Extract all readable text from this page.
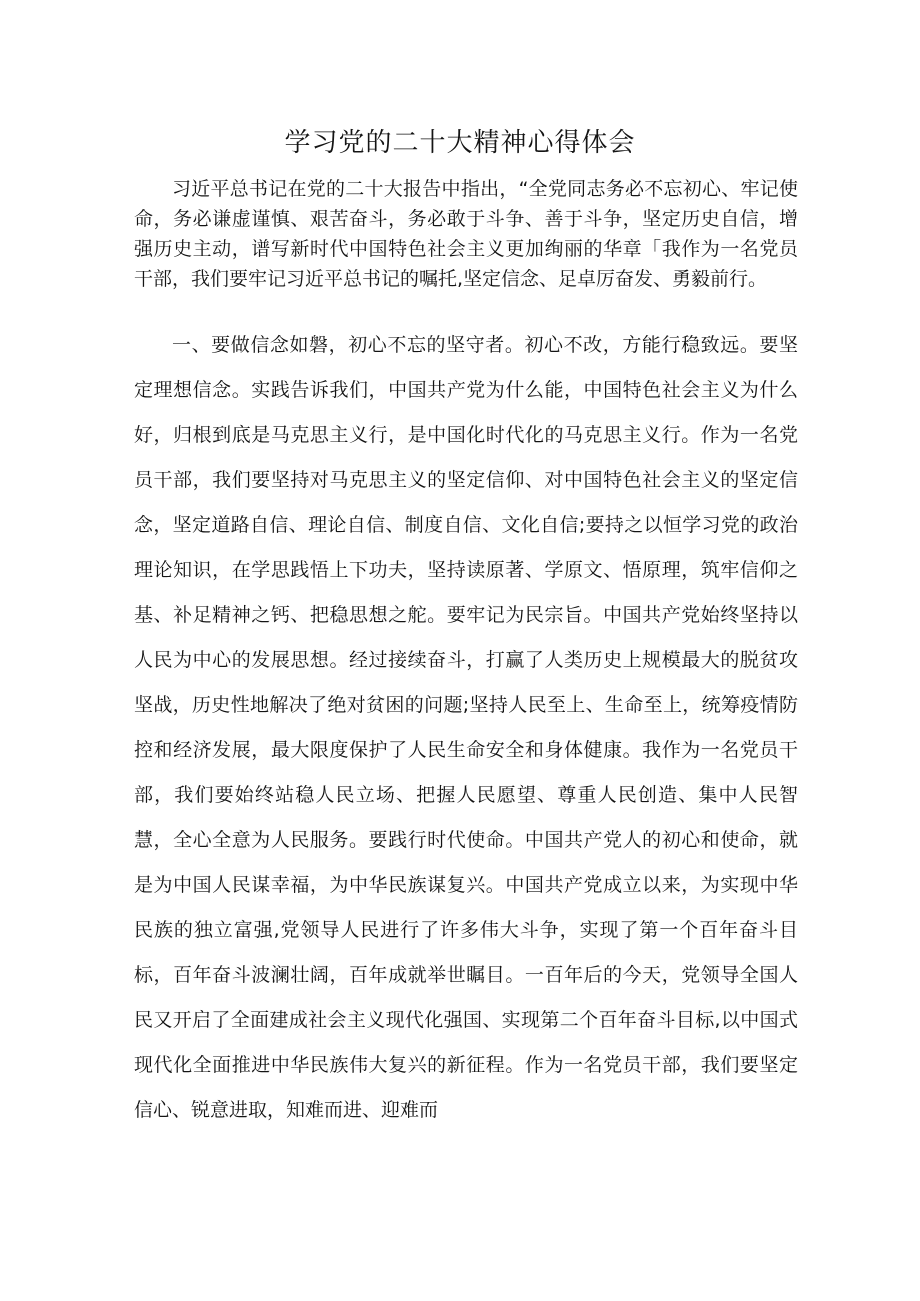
学习党的二十大精神心得体会

习近平总书记在党的二十大报告中指出，“全党同志务必不忘初心、牢记使命，务必谦虚谨慎、艰苦奋斗，务必敢于斗争、善于斗争，坚定历史自信，增强历史主动，谱写新时代中国特色社会主义更加绚丽的华章「我作为一名党员干部，我们要牢记习近平总书记的嘱托,坚定信念、足卓厉奋发、勇毅前行。

一、要做信念如磐，初心不忘的坚守者。初心不改，方能行稳致远。要坚定理想信念。实践告诉我们，中国共产党为什么能，中国特色社会主义为什么好，归根到底是马克思主义行，是中国化时代化的马克思主义行。作为一名党员干部，我们要坚持对马克思主义的坚定信仰、对中国特色社会主义的坚定信念，坚定道路自信、理论自信、制度自信、文化自信;要持之以恒学习党的政治理论知识，在学思践悟上下功夫，坚持读原著、学原文、悟原理，筑牢信仰之基、补足精神之钙、把稳思想之舵。要牢记为民宗旨。中国共产党始终坚持以人民为中心的发展思想。经过接续奋斗，打赢了人类历史上规模最大的脱贫攻坚战，历史性地解决了绝对贫困的问题;坚持人民至上、生命至上，统筹疫情防控和经济发展，最大限度保护了人民生命安全和身体健康。我作为一名党员干部，我们要始终站稳人民立场、把握人民愿望、尊重人民创造、集中人民智慧，全心全意为人民服务。要践行时代使命。中国共产党人的初心和使命，就是为中国人民谋幸福，为中华民族谋复兴。中国共产党成立以来，为实现中华民族的独立富强,党领导人民进行了许多伟大斗争，实现了第一个百年奋斗目标，百年奋斗波澜壮阔，百年成就举世瞩目。一百年后的今天，党领导全国人民又开启了全面建成社会主义现代化强国、实现第二个百年奋斗目标,以中国式现代化全面推进中华民族伟大复兴的新征程。作为一名党员干部，我们要坚定信心、锐意进取，知难而进、迎难而
